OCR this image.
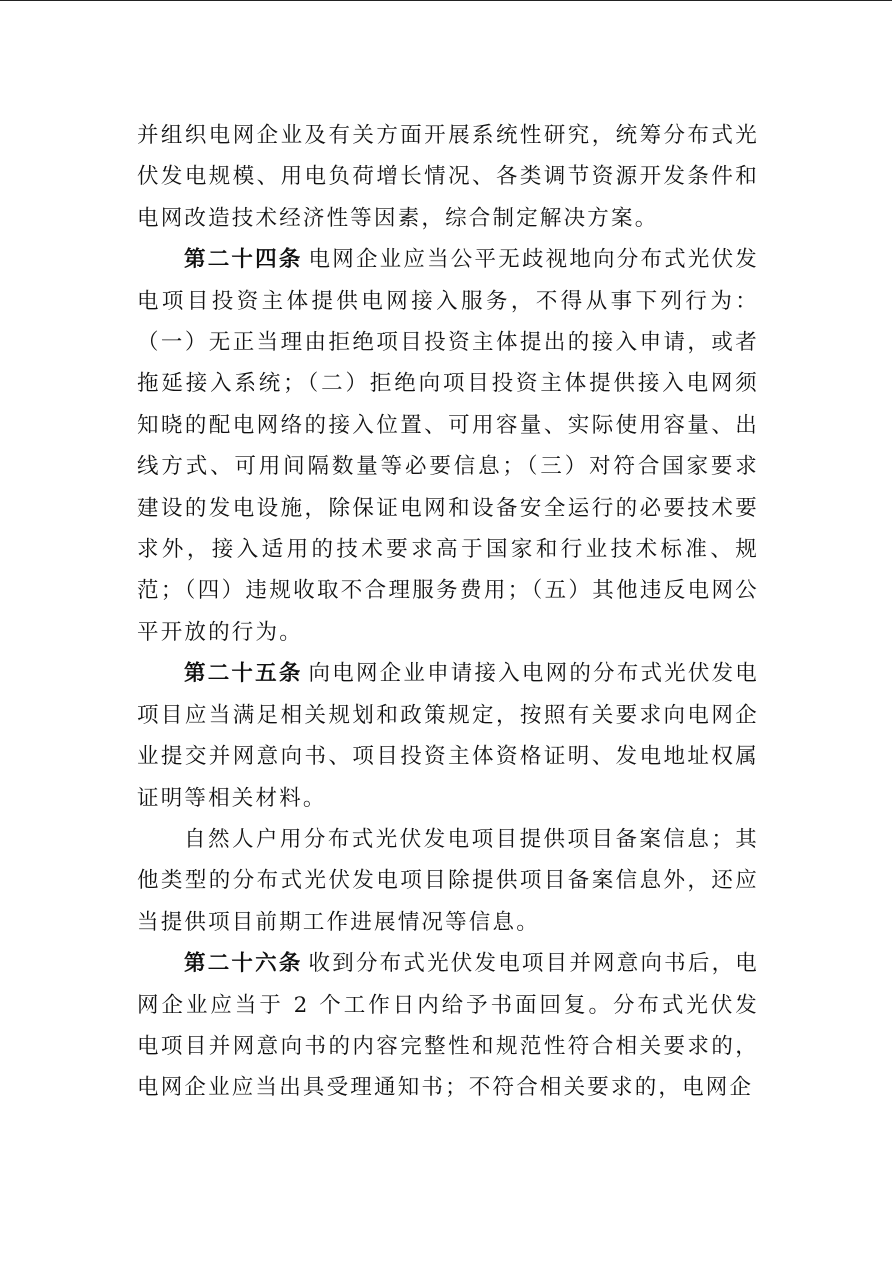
并组织电网企业及有关方面开展系统性研究，统筹分布式光伏发电规模、用电负荷增长情况、各类调节资源开发条件和电网改造技术经济性等因素，综合制定解决方案。

第二十四条 电网企业应当公平无歧视地向分布式光伏发电项目投资主体提供电网接入服务，不得从事下列行为：（一）无正当理由拒绝项目投资主体提出的接入申请，或者拖延接入系统；（二）拒绝向项目投资主体提供接入电网须知晓的配电网络的接入位置、可用容量、实际使用容量、出线方式、可用间隔数量等必要信息；（三）对符合国家要求建设的发电设施，除保证电网和设备安全运行的必要技术要求外，接入适用的技术要求高于国家和行业技术标准、规范；（四）违规收取不合理服务费用；（五）其他违反电网公平开放的行为。

第二十五条 向电网企业申请接入电网的分布式光伏发电项目应当满足相关规划和政策规定，按照有关要求向电网企业提交并网意向书、项目投资主体资格证明、发电地址权属证明等相关材料。

自然人户用分布式光伏发电项目提供项目备案信息；其他类型的分布式光伏发电项目除提供项目备案信息外，还应当提供项目前期工作进展情况等信息。

第二十六条 收到分布式光伏发电项目并网意向书后，电网企业应当于 2 个工作日内给予书面回复。分布式光伏发电项目并网意向书的内容完整性和规范性符合相关要求的，电网企业应当出具受理通知书；不符合相关要求的，电网企
